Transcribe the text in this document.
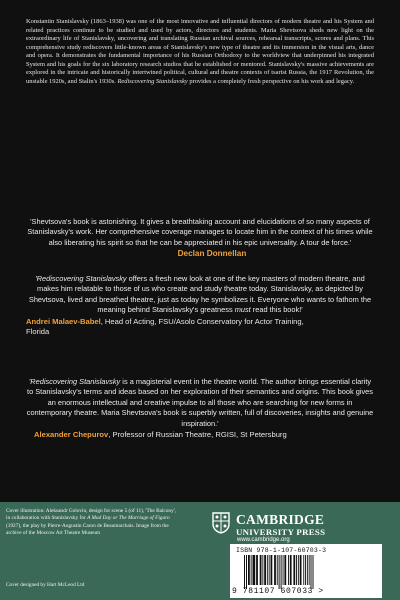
Konstantin Stanislavsky (1863–1938) was one of the most innovative and influential directors of modern theatre and his System and related practices continue to be studied and used by actors, directors and students. Maria Shevtsova sheds new light on the extraordinary life of Stanislavsky, uncovering and translating Russian archival sources, rehearsal transcripts, scores and plans. This comprehensive study rediscovers little-known areas of Stanislavsky's new type of theatre and its immersion in the visual arts, dance and opera. It demonstrates the fundamental importance of his Russian Orthodoxy to the worldview that underpinned his integrated System and his goals for the six laboratory research studios that he established or mentored. Stanislavsky's massive achievements are explored in the intricate and historically intertwined political, cultural and theatre contexts of tsarist Russia, the 1917 Revolution, the unstable 1920s, and Stalin's 1930s. Rediscovering Stanislavsky provides a completely fresh perspective on his work and legacy.

'Shevtsova's book is astonishing. It gives a breathtaking account and elucidations of so many aspects of Stanislavsky's work. Her comprehensive coverage manages to locate him in the context of his times while also liberating his spirit so that he can be appreciated in his epic universality. A tour de force.'

Declan Donnellan

'Rediscovering Stanislavsky offers a fresh new look at one of the key masters of modern theatre, and makes him relatable to those of us who create and study theatre today. Stanislavsky, as depicted by Shevtsova, lived and breathed theatre, just as today he symbolizes it. Everyone who wants to fathom the meaning behind Stanislavsky's greatness must read this book!'

Andrei Malaev-Babel, Head of Acting, FSU/Asolo Conservatory for Actor Training, Florida

'Rediscovering Stanislavsky is a magisterial event in the theatre world. The author brings essential clarity to Stanislavsky's terms and ideas based on her exploration of their semantics and origins. This book gives an enormous intellectual and creative impulse to all those who are searching for new forms in contemporary theatre. Maria Shevtsova's book is superbly written, full of discoveries, insights and genuine inspiration.'

Alexander Chepurov, Professor of Russian Theatre, RGISI, St Petersburg
Cover illustration: Aleksandr Golovin, design for scene 5 (of 11), 'The Balcony', in collaboration with Stanislavsky for A Mad Day or The Marriage of Figaro (1927), the play by Pierre-Augustin Caron de Beaumarchais. Image from the archive of the Moscow Art Theatre Museum
Cover designed by Hart McLeod Ltd
CAMBRIDGE
UNIVERSITY PRESS
www.cambridge.org
ISBN 978-1-107-60703-3
9 781107 607033 >
